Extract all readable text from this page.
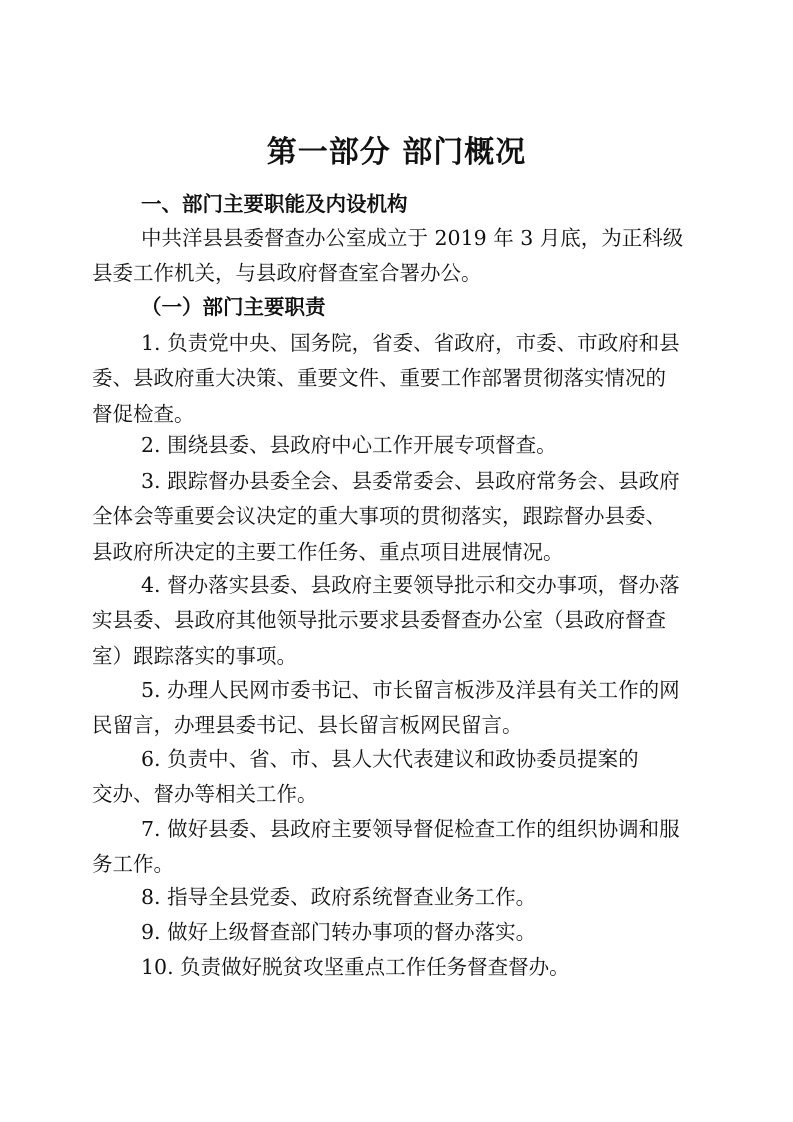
第一部分 部门概况
一、部门主要职能及内设机构
中共洋县县委督查办公室成立于 2019 年 3 月底，为正科级
县委工作机关，与县政府督查室合署办公。
（一）部门主要职责
1. 负责党中央、国务院，省委、省政府，市委、市政府和县
委、县政府重大决策、重要文件、重要工作部署贯彻落实情况的
督促检查。
2. 围绕县委、县政府中心工作开展专项督查。
3. 跟踪督办县委全会、县委常委会、县政府常务会、县政府
全体会等重要会议决定的重大事项的贯彻落实，跟踪督办县委、
县政府所决定的主要工作任务、重点项目进展情况。
4. 督办落实县委、县政府主要领导批示和交办事项，督办落
实县委、县政府其他领导批示要求县委督查办公室（县政府督查
室）跟踪落实的事项。
5. 办理人民网市委书记、市长留言板涉及洋县有关工作的网
民留言，办理县委书记、县长留言板网民留言。
6. 负责中、省、市、县人大代表建议和政协委员提案的
交办、督办等相关工作。
7. 做好县委、县政府主要领导督促检查工作的组织协调和服
务工作。
8. 指导全县党委、政府系统督查业务工作。
9. 做好上级督查部门转办事项的督办落实。
10. 负责做好脱贫攻坚重点工作任务督查督办。
